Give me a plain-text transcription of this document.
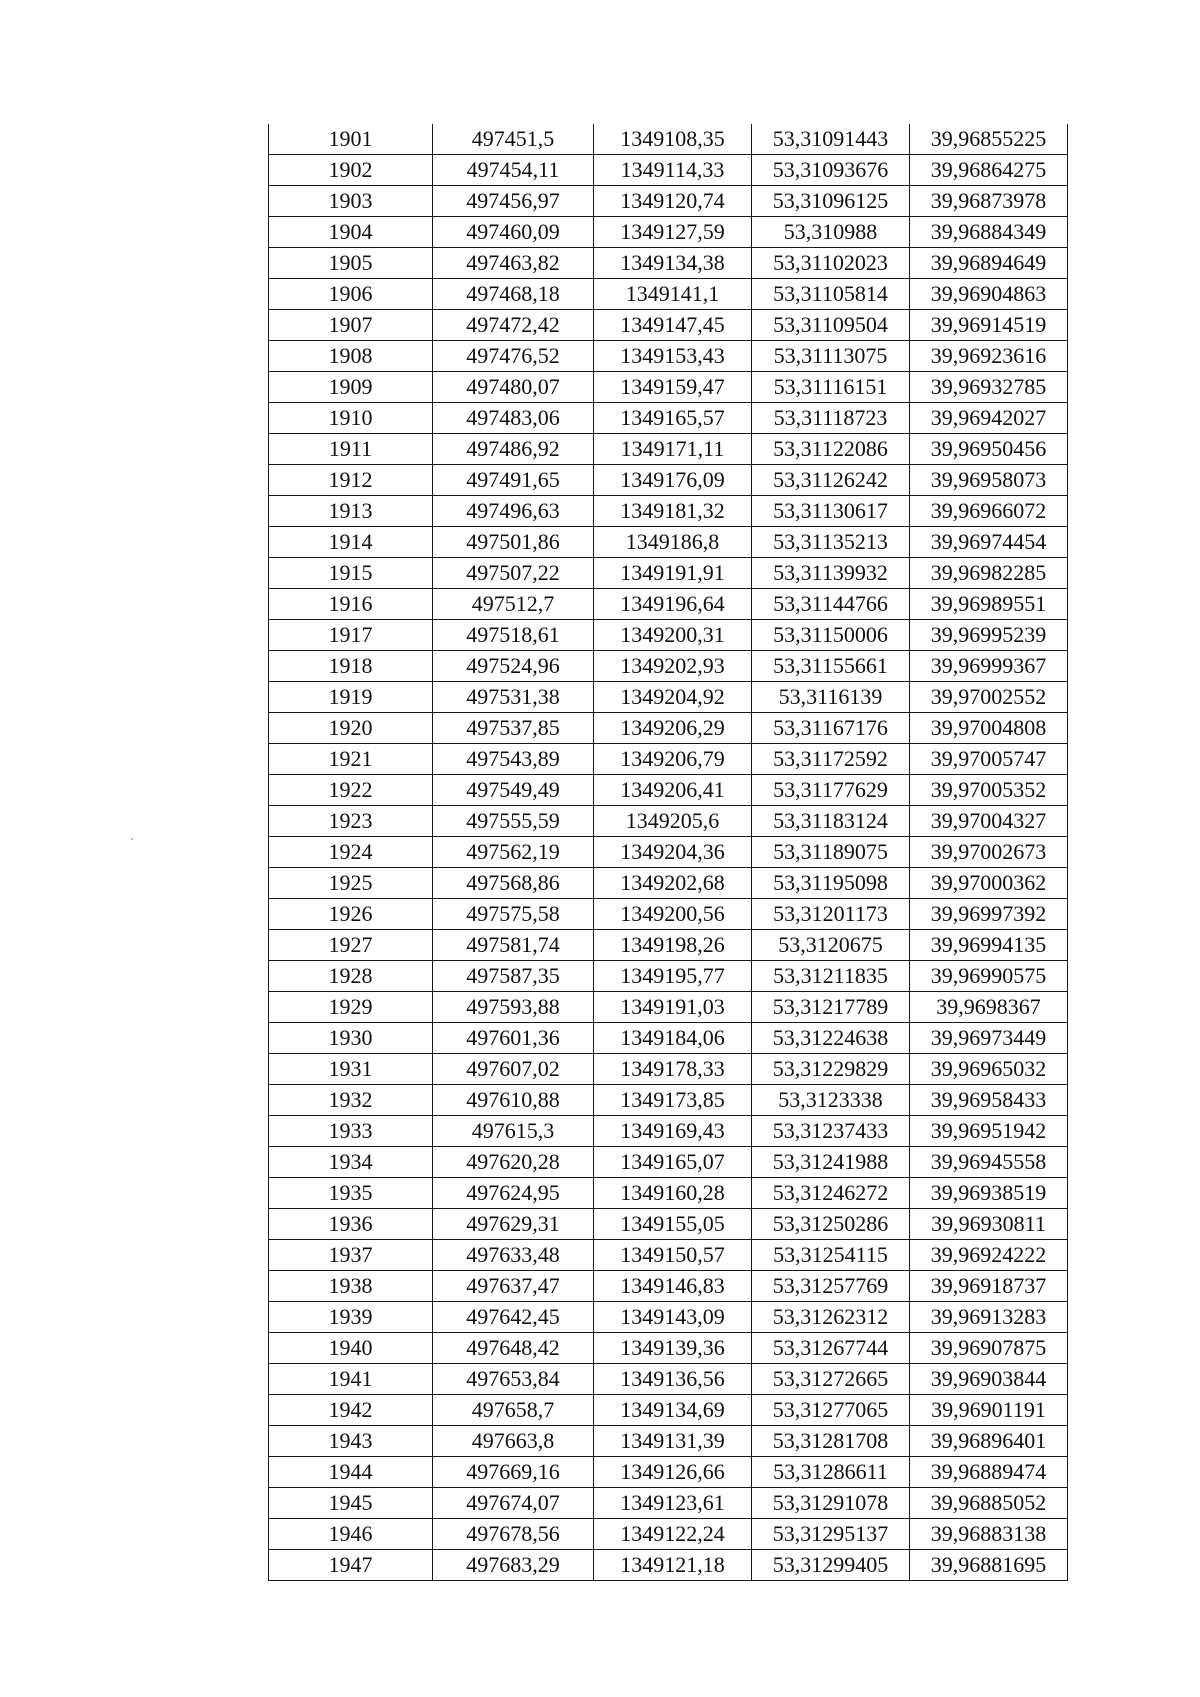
1901	497451,5	1349108,35	53,31091443	39,96855225
1902	497454,11	1349114,33	53,31093676	39,96864275
1903	497456,97	1349120,74	53,31096125	39,96873978
1904	497460,09	1349127,59	53,310988	39,96884349
1905	497463,82	1349134,38	53,31102023	39,96894649
1906	497468,18	1349141,1	53,31105814	39,96904863
1907	497472,42	1349147,45	53,31109504	39,96914519
1908	497476,52	1349153,43	53,31113075	39,96923616
1909	497480,07	1349159,47	53,31116151	39,96932785
1910	497483,06	1349165,57	53,31118723	39,96942027
1911	497486,92	1349171,11	53,31122086	39,96950456
1912	497491,65	1349176,09	53,31126242	39,96958073
1913	497496,63	1349181,32	53,31130617	39,96966072
1914	497501,86	1349186,8	53,31135213	39,96974454
1915	497507,22	1349191,91	53,31139932	39,96982285
1916	497512,7	1349196,64	53,31144766	39,96989551
1917	497518,61	1349200,31	53,31150006	39,96995239
1918	497524,96	1349202,93	53,31155661	39,96999367
1919	497531,38	1349204,92	53,3116139	39,97002552
1920	497537,85	1349206,29	53,31167176	39,97004808
1921	497543,89	1349206,79	53,31172592	39,97005747
1922	497549,49	1349206,41	53,31177629	39,97005352
1923	497555,59	1349205,6	53,31183124	39,97004327
1924	497562,19	1349204,36	53,31189075	39,97002673
1925	497568,86	1349202,68	53,31195098	39,97000362
1926	497575,58	1349200,56	53,31201173	39,96997392
1927	497581,74	1349198,26	53,3120675	39,96994135
1928	497587,35	1349195,77	53,31211835	39,96990575
1929	497593,88	1349191,03	53,31217789	39,9698367
1930	497601,36	1349184,06	53,31224638	39,96973449
1931	497607,02	1349178,33	53,31229829	39,96965032
1932	497610,88	1349173,85	53,3123338	39,96958433
1933	497615,3	1349169,43	53,31237433	39,96951942
1934	497620,28	1349165,07	53,31241988	39,96945558
1935	497624,95	1349160,28	53,31246272	39,96938519
1936	497629,31	1349155,05	53,31250286	39,96930811
1937	497633,48	1349150,57	53,31254115	39,96924222
1938	497637,47	1349146,83	53,31257769	39,96918737
1939	497642,45	1349143,09	53,31262312	39,96913283
1940	497648,42	1349139,36	53,31267744	39,96907875
1941	497653,84	1349136,56	53,31272665	39,96903844
1942	497658,7	1349134,69	53,31277065	39,96901191
1943	497663,8	1349131,39	53,31281708	39,96896401
1944	497669,16	1349126,66	53,31286611	39,96889474
1945	497674,07	1349123,61	53,31291078	39,96885052
1946	497678,56	1349122,24	53,31295137	39,96883138
1947	497683,29	1349121,18	53,31299405	39,96881695
